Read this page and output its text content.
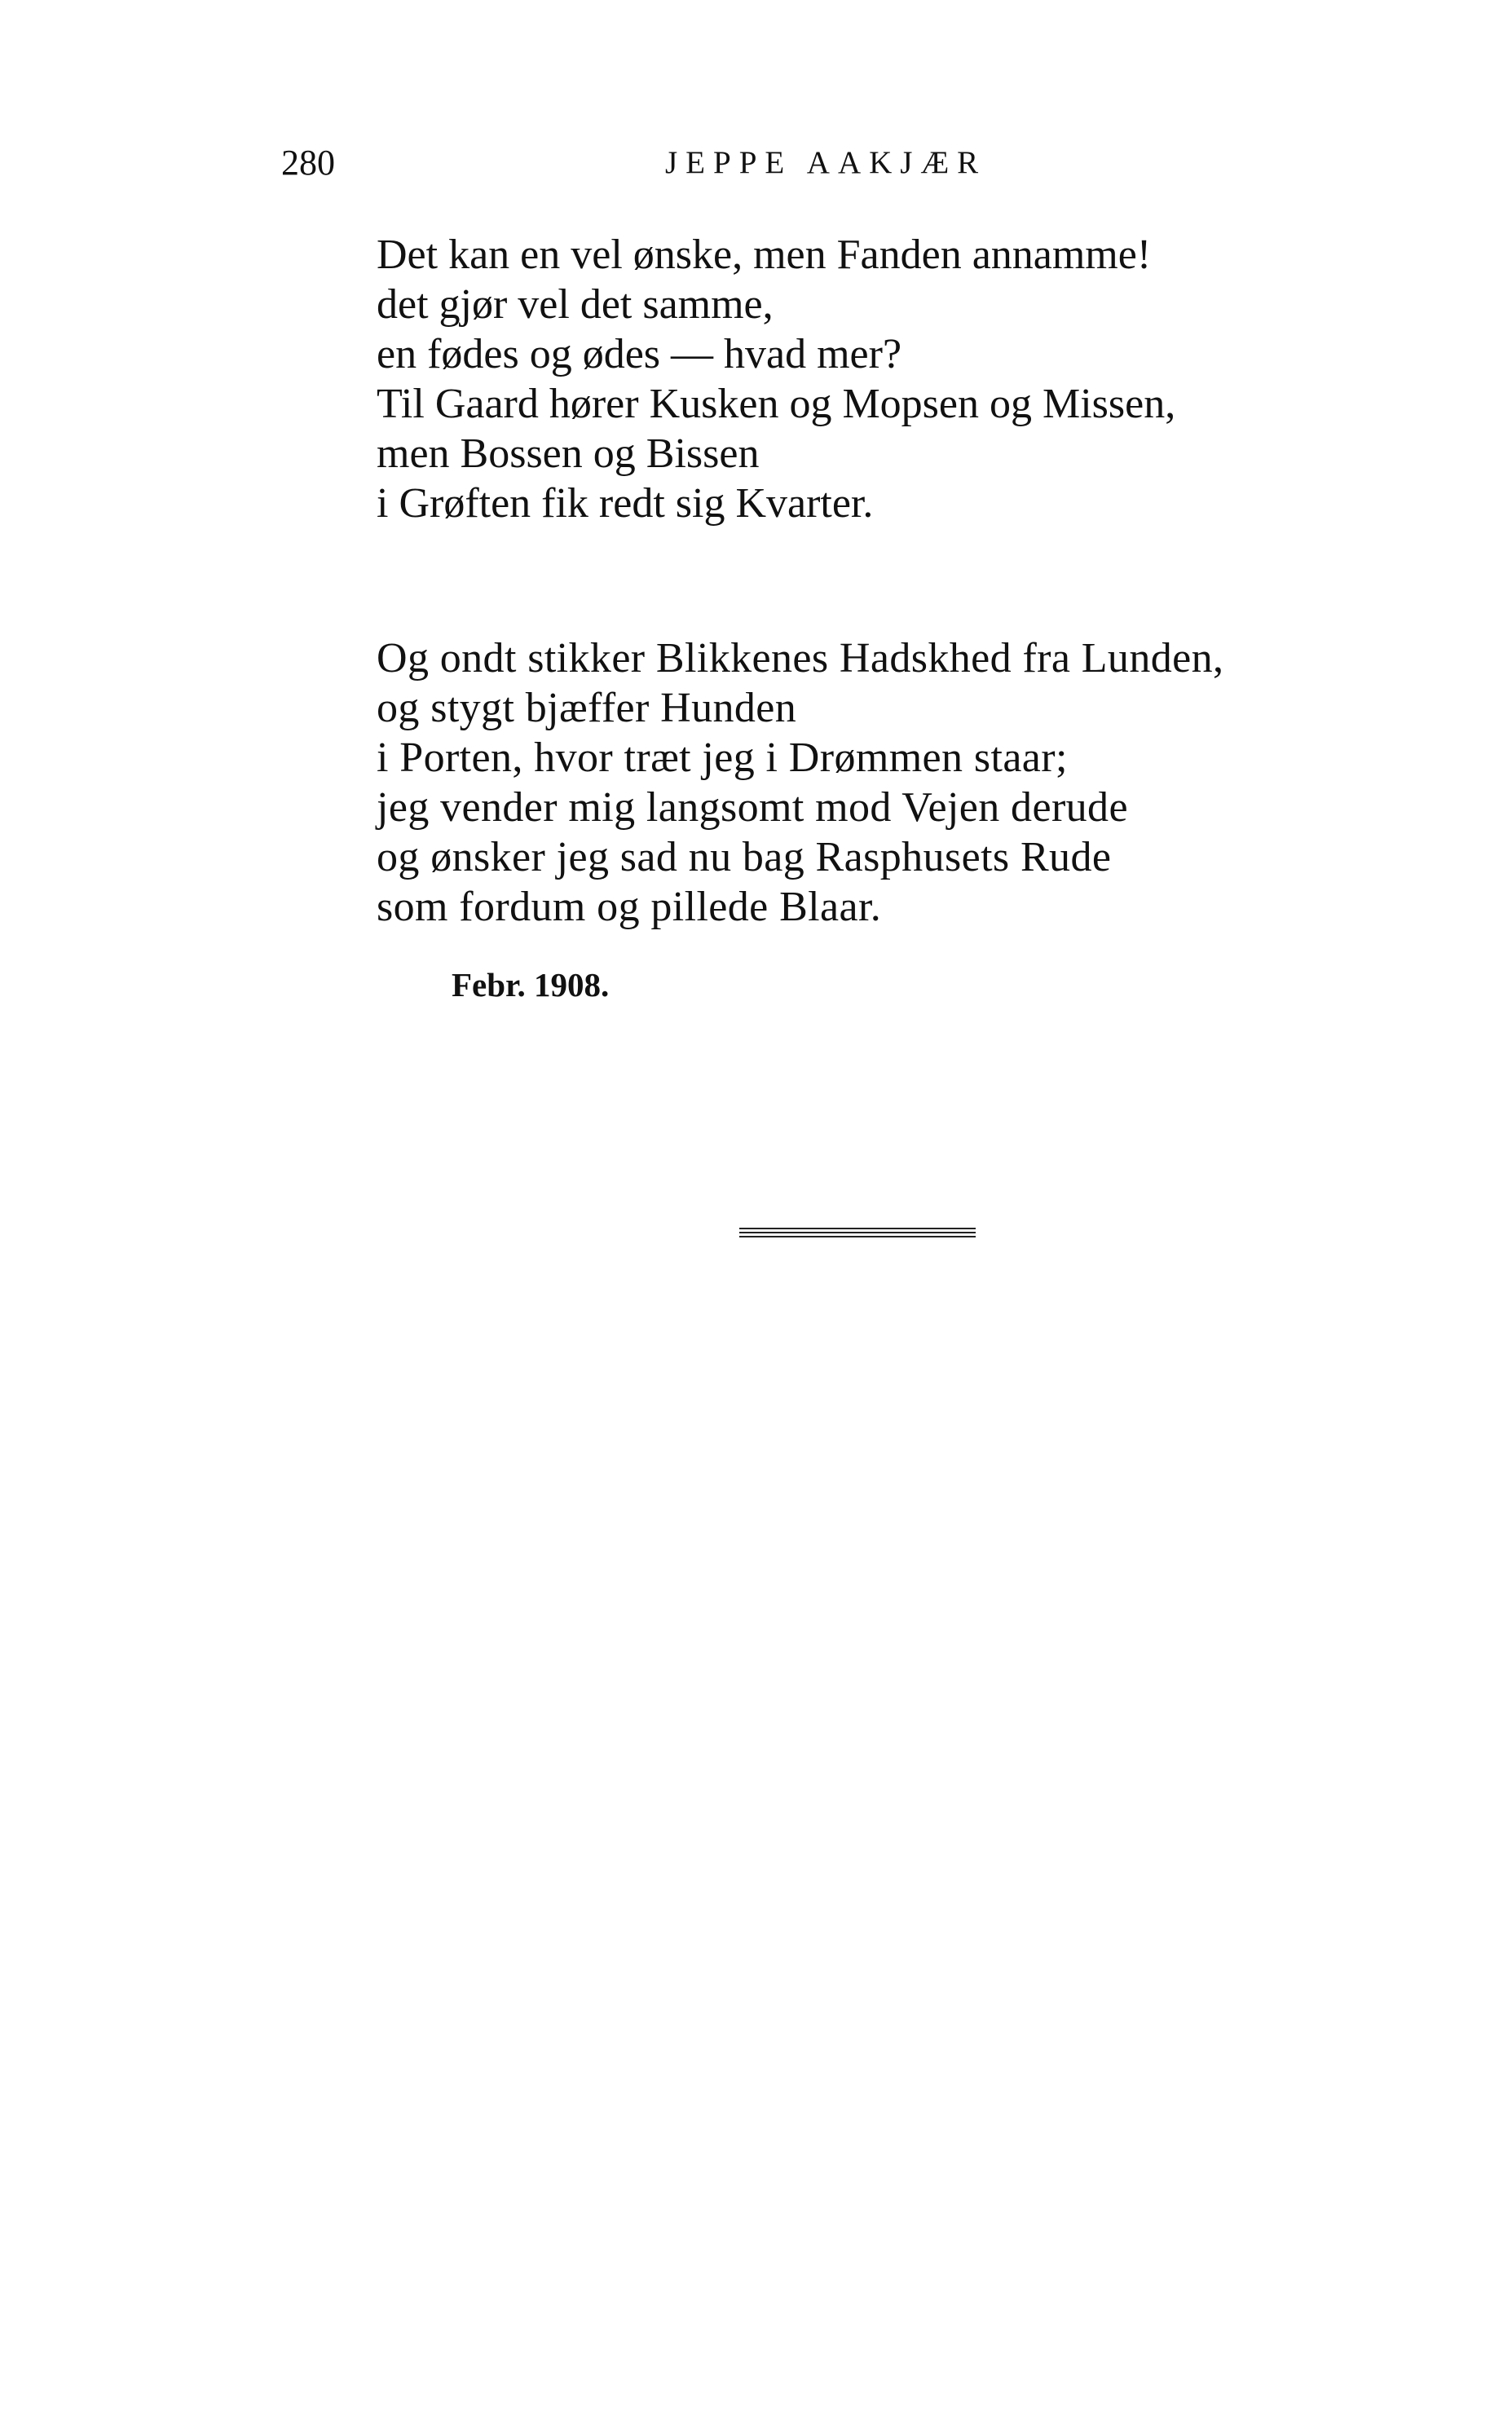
280	JEPPE AAKJÆR
Det kan en vel ønske, men Fanden annamme!
det gjør vel det samme,
en fødes og ødes — hvad mer?
Til Gaard hører Kusken og Mopsen og Missen,
men Bossen og Bissen
i Grøften fik redt sig Kvarter.
Og ondt stikker Blikkenes Hadskhed fra Lunden,
og stygt bjæffer Hunden
i Porten, hvor træt jeg i Drømmen staar;
jeg vender mig langsomt mod Vejen derude
og ønsker jeg sad nu bag Rasphusets Rude
som fordum og pillede Blaar.
Febr. 1908.
